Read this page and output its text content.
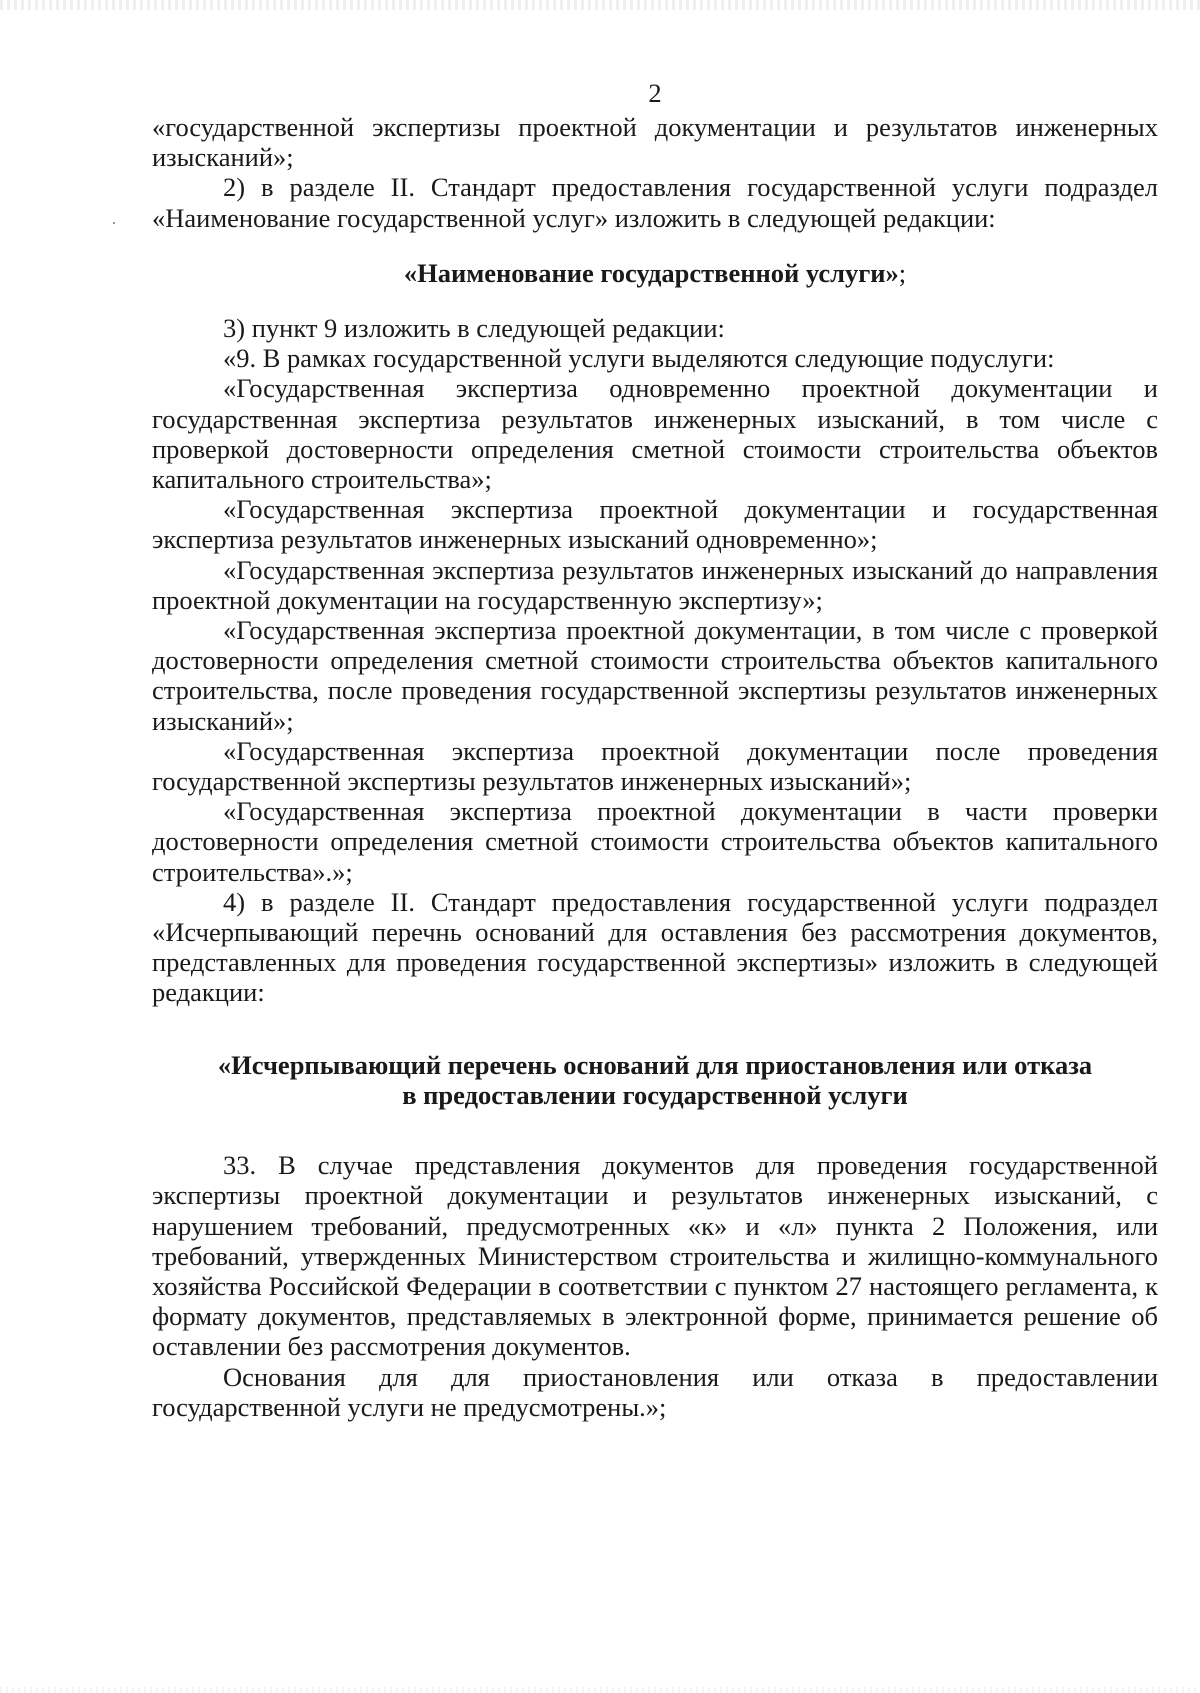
2

«государственной экспертизы проектной документации и результатов инженерных изысканий»;

2) в разделе II. Стандарт предоставления государственной услуги подраздел «Наименование государственной услуг» изложить в следующей редакции:

«Наименование государственной услуги»;

3) пункт 9 изложить в следующей редакции:

«9. В рамках государственной услуги выделяются следующие подуслуги:

«Государственная экспертиза одновременно проектной документации и государственная экспертиза результатов инженерных изысканий, в том числе с проверкой достоверности определения сметной стоимости строительства объектов капитального строительства»;

«Государственная экспертиза проектной документации и государственная экспертиза результатов инженерных изысканий одновременно»;

«Государственная экспертиза результатов инженерных изысканий до направления проектной документации на государственную экспертизу»;

«Государственная экспертиза проектной документации, в том числе с проверкой достоверности определения сметной стоимости строительства объектов капитального строительства, после проведения государственной экспертизы результатов инженерных изысканий»;

«Государственная экспертиза проектной документации после проведения государственной экспертизы результатов инженерных изысканий»;

«Государственная экспертиза проектной документации в части проверки достоверности определения сметной стоимости строительства объектов капитального строительства».»;

4) в разделе II. Стандарт предоставления государственной услуги подраздел «Исчерпывающий перечнь оснований для оставления без рассмотрения документов, представленных для проведения государственной экспертизы» изложить в следующей редакции:

«Исчерпывающий перечень оснований для приостановления или отказа
в предоставлении государственной услуги

33. В случае представления документов для проведения государственной экспертизы проектной документации и результатов инженерных изысканий, с нарушением требований, предусмотренных «к» и «л» пункта 2 Положения, или требований, утвержденных Министерством строительства и жилищно-коммунального хозяйства Российской Федерации в соответствии с пунктом 27 настоящего регламента, к формату документов, представляемых в электронной форме, принимается решение об оставлении без рассмотрения документов.

Основания для для приостановления или отказа в предоставлении государственной услуги не предусмотрены.»;
